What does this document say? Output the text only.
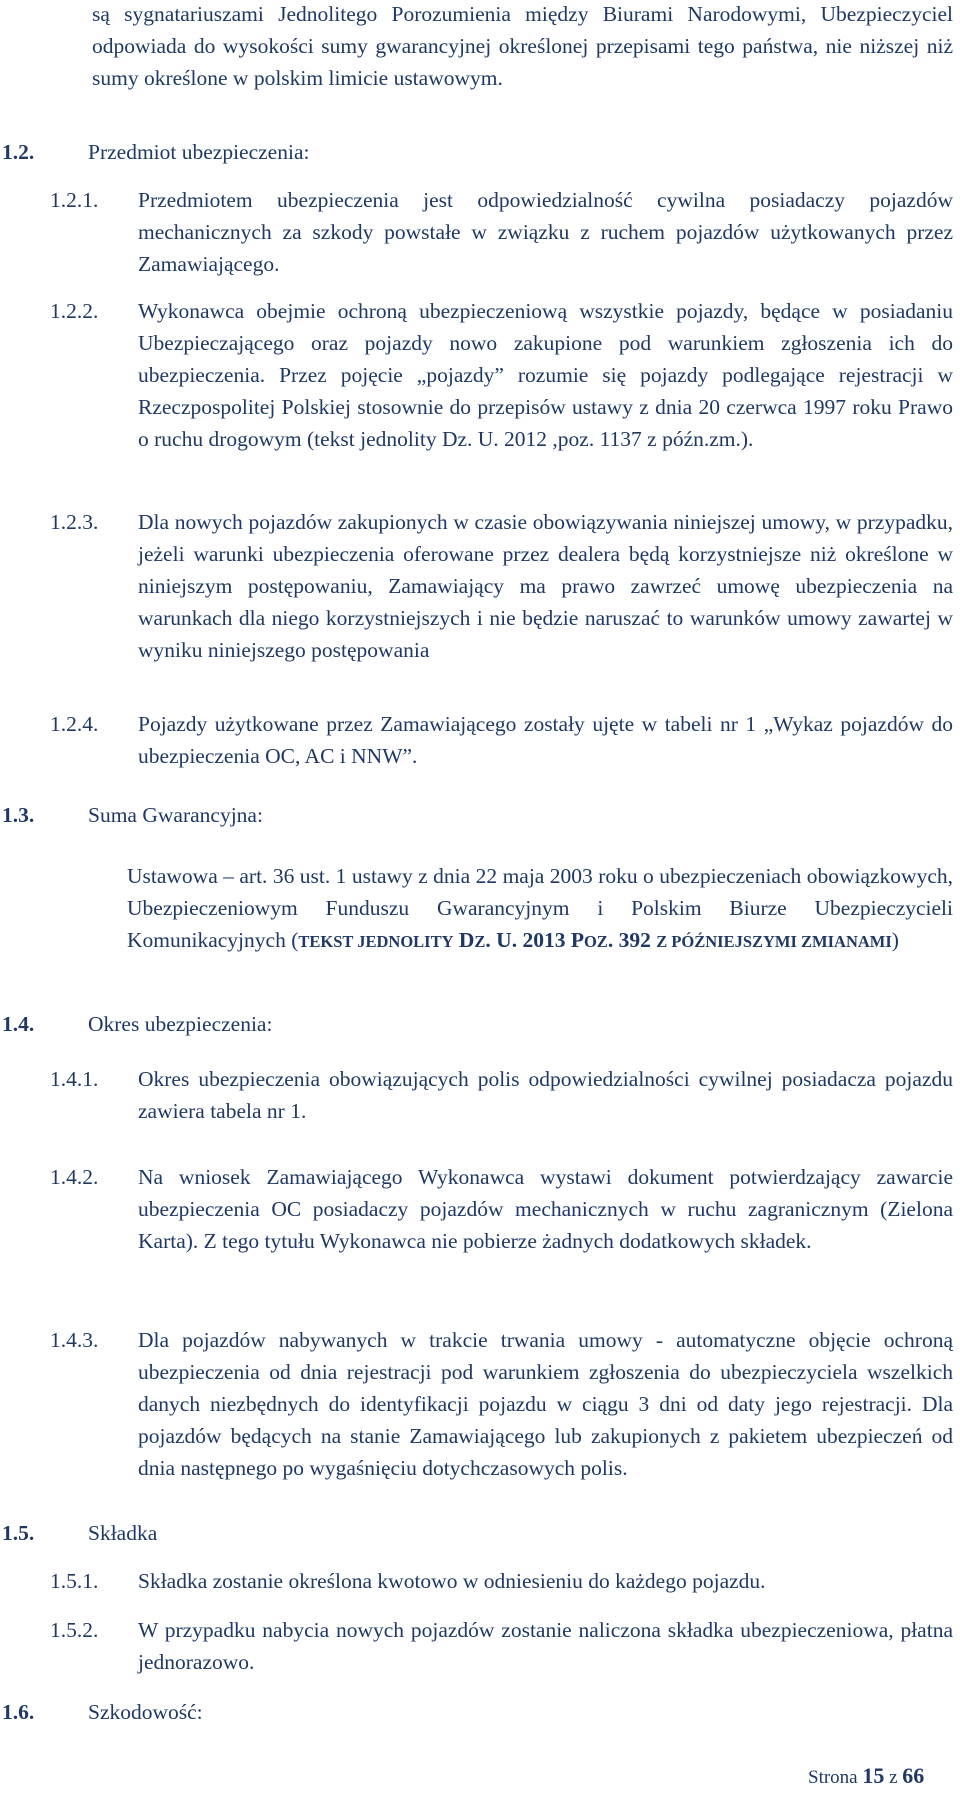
są sygnatariuszami Jednolitego Porozumienia między Biurami Narodowymi, Ubezpieczyciel odpowiada do wysokości sumy gwarancyjnej określonej przepisami tego państwa, nie niższej niż sumy określone w polskim limicie ustawowym.

1.2.	Przedmiot ubezpieczenia:
1.2.1. Przedmiotem ubezpieczenia jest odpowiedzialność cywilna posiadaczy pojazdów mechanicznych za szkody powstałe w związku z ruchem pojazdów użytkowanych przez Zamawiającego.

1.2.2. Wykonawca obejmie ochroną ubezpieczeniową wszystkie pojazdy, będące w posiadaniu Ubezpieczającego oraz pojazdy nowo zakupione pod warunkiem zgłoszenia ich do ubezpieczenia. Przez pojęcie „pojazdy” rozumie się pojazdy podlegające rejestracji w Rzeczpospolitej Polskiej stosownie do przepisów ustawy z dnia 20 czerwca 1997 roku Prawo o ruchu drogowym (tekst jednolity Dz. U. 2012 ,poz. 1137 z późn.zm.).

1.2.3. Dla nowych pojazdów zakupionych w czasie obowiązywania niniejszej umowy, w przypadku, jeżeli warunki ubezpieczenia oferowane przez dealera będą korzystniejsze niż określone w niniejszym postępowaniu, Zamawiający ma prawo zawrzeć umowę ubezpieczenia na warunkach dla niego korzystniejszych i nie będzie naruszać to warunków umowy zawartej w wyniku niniejszego postępowania

1.2.4. Pojazdy użytkowane przez Zamawiającego zostały ujęte w tabeli nr 1 „Wykaz pojazdów do ubezpieczenia OC, AC i NNW”.

1.3.	Suma Gwarancyjna:

Ustawowa – art. 36 ust. 1 ustawy z dnia 22 maja 2003 roku o ubezpieczeniach obowiązkowych, Ubezpieczeniowym Funduszu Gwarancyjnym i Polskim Biurze Ubezpieczycieli Komunikacyjnych (TEKST JEDNOLITY DZ. U. 2013 POZ. 392 Z PÓŹNIEJSZYMI ZMIANAMI)

1.4.	Okres ubezpieczenia:
1.4.1. Okres ubezpieczenia obowiązujących polis odpowiedzialności cywilnej posiadacza pojazdu zawiera tabela nr 1.

1.4.2. Na wniosek Zamawiającego Wykonawca wystawi dokument potwierdzający zawarcie ubezpieczenia OC posiadaczy pojazdów mechanicznych w ruchu zagranicznym (Zielona Karta). Z tego tytułu Wykonawca nie pobierze żadnych dodatkowych składek.

1.4.3. Dla pojazdów nabywanych w trakcie trwania umowy - automatyczne objęcie ochroną ubezpieczenia od dnia rejestracji pod warunkiem zgłoszenia do ubezpieczyciela wszelkich danych niezbędnych do identyfikacji pojazdu w ciągu 3 dni od daty jego rejestracji. Dla pojazdów będących na stanie Zamawiającego lub zakupionych z pakietem ubezpieczeń od dnia następnego po wygaśnięciu dotychczasowych polis.

1.5.	Składka
1.5.1. Składka zostanie określona kwotowo w odniesieniu do każdego pojazdu.

1.5.2. W przypadku nabycia nowych pojazdów zostanie naliczona składka ubezpieczeniowa, płatna jednorazowo.

1.6.	Szkodowość:
Strona 15 z 66
